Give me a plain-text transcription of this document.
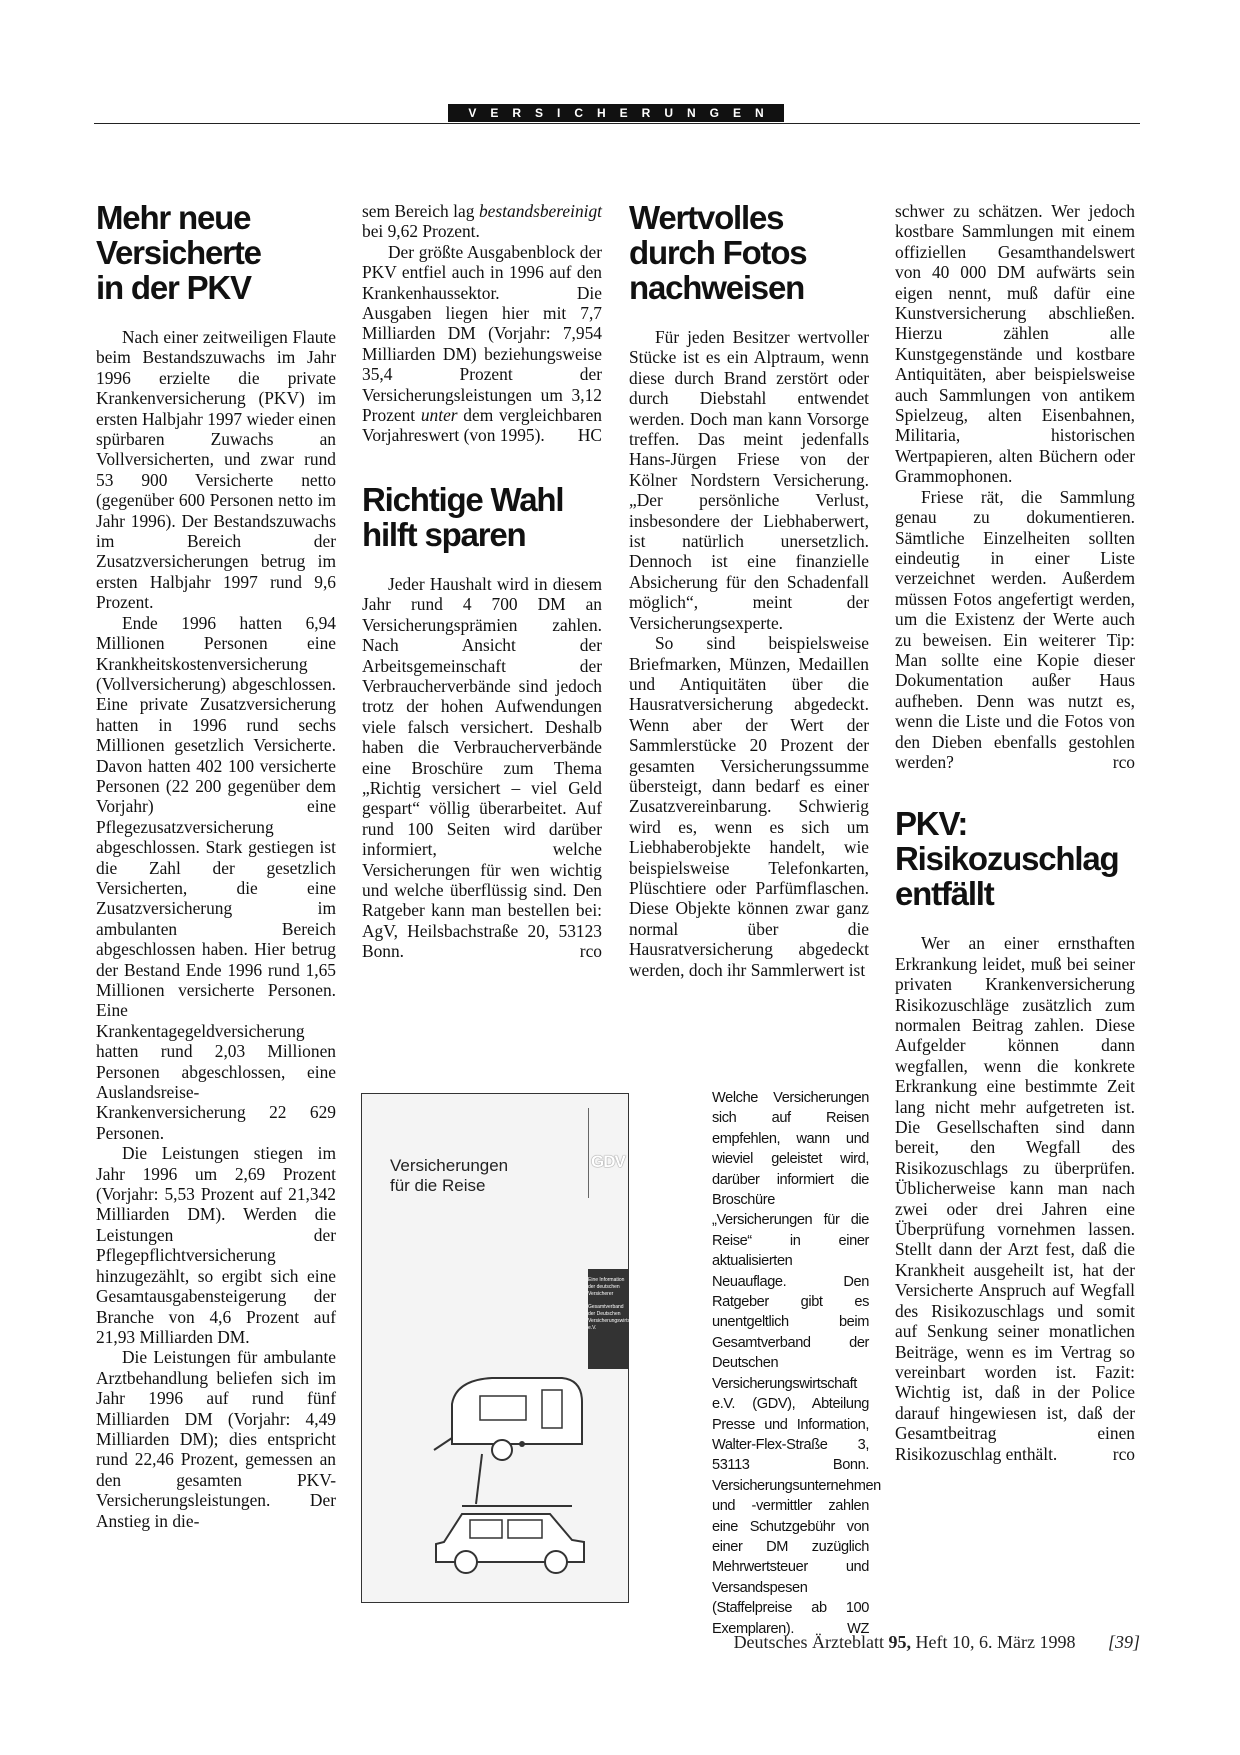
VERSICHERUNGEN
Mehr neue
Versicherte
in der PKV

Nach einer zeitweiligen Flaute beim Bestandszuwachs im Jahr 1996 erzielte die private Krankenversicherung (PKV) im ersten Halbjahr 1997 wieder einen spürbaren Zuwachs an Vollversicherten, und zwar rund 53 900 Versicherte netto (gegenüber 600 Personen netto im Jahr 1996). Der Bestandszuwachs im Bereich der Zusatzversicherungen betrug im ersten Halbjahr 1997 rund 9,6 Prozent.

Ende 1996 hatten 6,94 Millionen Personen eine Krankheitskostenversicherung (Vollversicherung) abgeschlossen. Eine private Zusatzversicherung hatten in 1996 rund sechs Millionen gesetzlich Versicherte. Davon hatten 402 100 versicherte Personen (22 200 gegenüber dem Vorjahr) eine Pflegezusatzversicherung abgeschlossen. Stark gestiegen ist die Zahl der gesetzlich Versicherten, die eine Zusatzversicherung im ambulanten Bereich abgeschlossen haben. Hier betrug der Bestand Ende 1996 rund 1,65 Millionen versicherte Personen. Eine Krankentagegeldversicherung hatten rund 2,03 Millionen Personen abgeschlossen, eine Auslandsreise-Krankenversicherung 22 629 Personen.

Die Leistungen stiegen im Jahr 1996 um 2,69 Prozent (Vorjahr: 5,53 Prozent auf 21,342 Milliarden DM). Werden die Leistungen der Pflegepflichtversicherung hinzugezählt, so ergibt sich eine Gesamtausgabensteigerung der Branche von 4,6 Prozent auf 21,93 Milliarden DM.

Die Leistungen für ambulante Arztbehandlung beliefen sich im Jahr 1996 auf rund fünf Milliarden DM (Vorjahr: 4,49 Milliarden DM); dies entspricht rund 22,46 Prozent, gemessen an den gesamten PKV-Versicherungsleistungen. Der Anstieg in die-

sem Bereich lag bestandsbereinigt bei 9,62 Prozent.

Der größte Ausgabenblock der PKV entfiel auch in 1996 auf den Krankenhaussektor. Die Ausgaben liegen hier mit 7,7 Milliarden DM (Vorjahr: 7,954 Milliarden DM) beziehungsweise 35,4 Prozent der Versicherungsleistungen um 3,12 Prozent unter dem vergleichbaren Vorjahreswert (von 1995).	HC

Richtige Wahl
hilft sparen

Jeder Haushalt wird in diesem Jahr rund 4 700 DM an Versicherungsprämien zahlen. Nach Ansicht der Arbeitsgemeinschaft der Verbraucherverbände sind jedoch trotz der hohen Aufwendungen viele falsch versichert. Deshalb haben die Verbraucherverbände eine Broschüre zum Thema „Richtig versichert – viel Geld gespart“ völlig überarbeitet. Auf rund 100 Seiten wird darüber informiert, welche Versicherungen für wen wichtig und welche überflüssig sind. Den Ratgeber kann man bestellen bei: AgV, Heilsbachstraße 20, 53123 Bonn.	rco

Wertvolles
durch Fotos
nachweisen

Für jeden Besitzer wertvoller Stücke ist es ein Alptraum, wenn diese durch Brand zerstört oder durch Diebstahl entwendet werden. Doch man kann Vorsorge treffen. Das meint jedenfalls Hans-Jürgen Friese von der Kölner Nordstern Versicherung. „Der persönliche Verlust, insbesondere der Liebhaberwert, ist natürlich unersetzlich. Dennoch ist eine finanzielle Absicherung für den Schadenfall möglich“, meint der Versicherungsexperte.

So sind beispielsweise Briefmarken, Münzen, Medaillen und Antiquitäten über die Hausratversicherung abgedeckt. Wenn aber der Wert der Sammlerstücke 20 Prozent der gesamten Versicherungssumme übersteigt, dann bedarf es einer Zusatzvereinbarung. Schwierig wird es, wenn es sich um Liebhaberobjekte handelt, wie beispielsweise Telefonkarten, Plüschtiere oder Parfümflaschen. Diese Objekte können zwar ganz normal über die Hausratversicherung abgedeckt werden, doch ihr Sammlerwert ist

schwer zu schätzen. Wer jedoch kostbare Sammlungen mit einem offiziellen Gesamthandelswert von 40 000 DM aufwärts sein eigen nennt, muß dafür eine Kunstversicherung abschließen. Hierzu zählen alle Kunstgegenstände und kostbare Antiquitäten, aber beispielsweise auch Sammlungen von antikem Spielzeug, alten Eisenbahnen, Militaria, historischen Wertpapieren, alten Büchern oder Grammophonen.

Friese rät, die Sammlung genau zu dokumentieren. Sämtliche Einzelheiten sollten eindeutig in einer Liste verzeichnet werden. Außerdem müssen Fotos angefertigt werden, um die Existenz der Werte auch zu beweisen. Ein weiterer Tip: Man sollte eine Kopie dieser Dokumentation außer Haus aufheben. Denn was nutzt es, wenn die Liste und die Fotos von den Dieben ebenfalls gestohlen werden?	rco

PKV:
Risikozuschlag
entfällt

Wer an einer ernsthaften Erkrankung leidet, muß bei seiner privaten Krankenversicherung Risikozuschläge zusätzlich zum normalen Beitrag zahlen. Diese Aufgelder können dann wegfallen, wenn die konkrete Erkrankung eine bestimmte Zeit lang nicht mehr aufgetreten ist. Die Gesellschaften sind dann bereit, den Wegfall des Risikozuschlags zu überprüfen. Üblicherweise kann man nach zwei oder drei Jahren eine Überprüfung vornehmen lassen. Stellt dann der Arzt fest, daß die Krankheit ausgeheilt ist, hat der Versicherte Anspruch auf Wegfall des Risikozuschlags und somit auf Senkung seiner monatlichen Beiträge, wenn es im Vertrag so vereinbart worden ist. Fazit: Wichtig ist, daß in der Police darauf hingewiesen ist, daß der Gesamtbeitrag einen Risikozuschlag enthält.	rco

Versicherungen
für die Reise
GDV
Eine Information der deutschen Versicherer
Gesamtverband der Deutschen Versicherungswirtschaft e.V.
Welche Versicherungen sich auf Reisen empfehlen, wann und wieviel geleistet wird, darüber informiert die Broschüre „Versicherungen für die Reise“ in einer aktualisierten Neuauflage. Den Ratgeber gibt es unentgeltlich beim Gesamtverband der Deutschen Versicherungswirtschaft e.V. (GDV), Abteilung Presse und Information, Walter-Flex-Straße 3, 53113 Bonn. Versicherungsunternehmen und -vermittler zahlen eine Schutzgebühr von einer DM zuzüglich Mehrwertsteuer und Versandspesen (Staffelpreise ab 100 Exemplaren).	WZ
Deutsches Ärzteblatt 95, Heft 10, 6. März 1998 [39]
